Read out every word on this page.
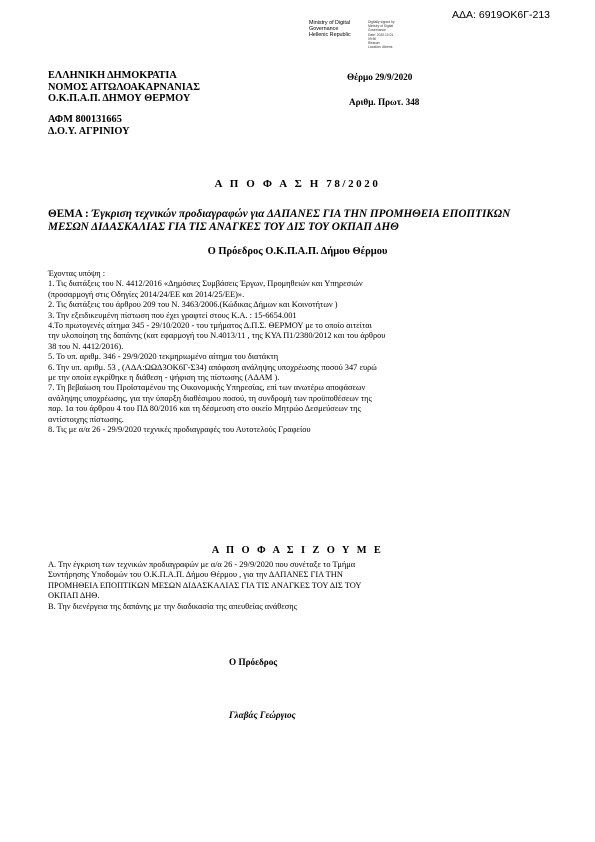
ΑΔΑ: 6919ΟΚ6Γ-213
Ministry of Digital
Governance
Hellenic Republic
Digitally signed by
Ministry of Digital
Governance
Date: 2020.10.01
09:50
Reason:
Location: Athens
ΕΛΛΗΝΙΚΗ ΔΗΜΟΚΡΑΤΙΑ
ΝΟΜΟΣ ΑΙΤΩΛΟΑΚΑΡΝΑΝΙΑΣ
Ο.Κ.Π.Α.Π. ΔΗΜΟΥ ΘΕΡΜΟΥ
Θέρμο 29/9/2020
Αριθμ. Πρωτ. 348
ΑΦΜ 800131665
Δ.Ο.Υ. ΑΓΡΙΝΙΟΥ
Α Π Ο Φ Α Σ Η 78/2020
ΘΕΜΑ : Έγκριση τεχνικών προδιαγραφών για ΔΑΠΑΝΕΣ ΓΙΑ ΤΗΝ ΠΡΟΜΗΘΕΙΑ ΕΠΟΠΤΙΚΩΝ ΜΕΣΩΝ ΔΙΔΑΣΚΑΛΙΑΣ ΓΙΑ ΤΙΣ ΑΝΑΓΚΕΣ ΤΟΥ ΔΙΣ ΤΟΥ ΟΚΠΑΠ ΔΗΘ
Ο Πρόεδρος Ο.Κ.Π.Α.Π. Δήμου Θέρμου
Έχοντας υπόψη :
1. Τις διατάξεις του Ν. 4412/2016 «Δημόσιες Συμβάσεις Έργων, Προμηθειών και Υπηρεσιών
(προσαρμογή στις Οδηγίες 2014/24/ΕΕ και 2014/25/ΕΕ)».
2. Τις διατάξεις του άρθρου 209 του Ν. 3463/2006.(Κώδικας Δήμων και Κοινοτήτων )
3. Την εξειδικευμένη πίστωση που έχει γραφτεί στους Κ.Α. : 15-6654.001
4.Το πρωτογενές αίτημα 345 - 29/10/2020 - του τμήματος Δ.Π.Σ. ΘΕΡΜΟΥ με το οποίο αιτείται
την υλοποίηση της δαπάνης (κατ εφαρμογή του Ν.4013/11 , της ΚΥΑ Π1/2380/2012 και του άρθρου
38 του Ν. 4412/2016).
5. Το υπ. αριθμ. 346 - 29/9/2020 τεκμηριωμένο αίτημα του διατάκτη
6. Την υπ. αριθμ. 53 , (ΑΔΑ:ΩΩΔ3ΟΚ6Γ-Σ34) απόφαση ανάληψης υποχρέωσης ποσού 347 ευρώ
με την οποία εγκρίθηκε η διάθεση - ψήφιση της πίστωσης (ΑΔΑΜ ).
7. Τη βεβαίωση του Προϊσταμένου της Οικονομικής Υπηρεσίας, επί των ανωτέρω αποφάσεων
ανάληψης υποχρέωσης, για την ύπαρξη διαθέσιμου ποσού, τη συνδρομή των προϋποθέσεων της
παρ. 1α του άρθρου 4 του ΠΔ 80/2016 και τη δέσμευση στο οικείο Μητρώο Δεσμεύσεων της
αντίστοιχης πίστωσης.
8. Τις με α/α 26 - 29/9/2020 τεχνικές προδιαγραφές του Αυτοτελούς Γραφείου
Α Π Ο Φ Α Σ Ι Ζ Ο Υ Μ Ε
Α. Την έγκριση των τεχνικών προδιαγραφών με α/α 26 - 29/9/2020 που συνέταξε το Τμήμα
Συντήρησης Υποδομών του Ο.Κ.Π.Α.Π. Δήμου Θέρμου , για την ΔΑΠΑΝΕΣ ΓΙΑ ΤΗΝ
ΠΡΟΜΗΘΕΙΑ ΕΠΟΠΤΙΚΩΝ ΜΕΣΩΝ ΔΙΔΑΣΚΑΛΙΑΣ ΓΙΑ ΤΙΣ ΑΝΑΓΚΕΣ ΤΟΥ ΔΙΣ ΤΟΥ
ΟΚΠΑΠ ΔΗΘ.
Β. Την διενέργεια της δαπάνης με την διαδικασία της απευθείας ανάθεσης
Ο Πρόεδρος
Γλαβάς Γεώργιος
